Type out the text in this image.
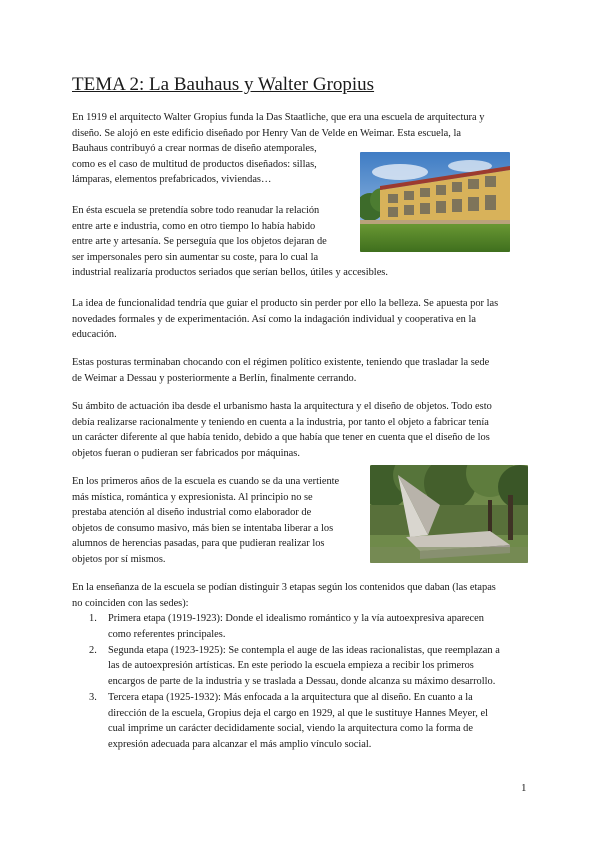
TEMA 2: La Bauhaus y Walter Gropius
En 1919 el arquitecto Walter Gropius funda la Das Staatliche, que era una escuela de arquitectura y
diseño. Se alojó en este edificio diseñado por Henry Van de Velde en Weimar. Esta escuela, la
Bauhaus contribuyó a crear normas de diseño atemporales,
como es el caso de multitud de productos diseñados: sillas,
lámparas, elementos prefabricados, viviendas…
En ésta escuela se pretendía sobre todo reanudar la relación
entre arte e industria, como en otro tiempo lo había habido
entre arte y artesanía. Se perseguía que los objetos dejaran de
ser impersonales pero sin aumentar su coste, para lo cual la
industrial realizaría productos seriados que serían bellos, útiles y accesibles.
La idea de funcionalidad tendría que guiar el producto sin perder por ello la belleza. Se apuesta por las
novedades formales y de experimentación. Así como la indagación individual y cooperativa en la
educación.
Estas posturas terminaban chocando con el régimen político existente, teniendo que trasladar la sede
de Weimar a Dessau y posteriormente a Berlín, finalmente cerrando.
Su ámbito de actuación iba desde el urbanismo hasta la arquitectura y el diseño de objetos. Todo esto
debía realizarse racionalmente y teniendo en cuenta a la industria, por tanto el objeto a fabricar tenía
un carácter diferente al que había tenido, debido a que había que tener en cuenta que el diseño de los
objetos fueran o pudieran ser fabricados por máquinas.
En los primeros años de la escuela es cuando se da una vertiente
más mística, romántica y expresionista. Al principio no se
prestaba atención al diseño industrial como elaborador de
objetos de consumo masivo, más bien se intentaba liberar a los
alumnos de herencias pasadas, para que pudieran realizar los
objetos por sí mismos.
En la enseñanza de la escuela se podían distinguir 3 etapas según los contenidos que daban (las etapas
no coinciden con las sedes):
1. Primera etapa (1919-1923): Donde el idealismo romántico y la vía autoexpresiva aparecen
como referentes principales.
2. Segunda etapa (1923-1925): Se contempla el auge de las ideas racionalistas, que reemplazan a
las de autoexpresión artísticas. En este periodo la escuela empieza a recibir los primeros
encargos de parte de la industria y se traslada a Dessau, donde alcanza su máximo desarrollo.
3. Tercera etapa (1925-1932): Más enfocada a la arquitectura que al diseño. En cuanto a la
dirección de la escuela, Gropius deja el cargo en 1929, al que le sustituye Hannes Meyer, el
cual imprime un carácter decididamente social, viendo la arquitectura como la forma de
expresión adecuada para alcanzar el más amplio vínculo social.
1
